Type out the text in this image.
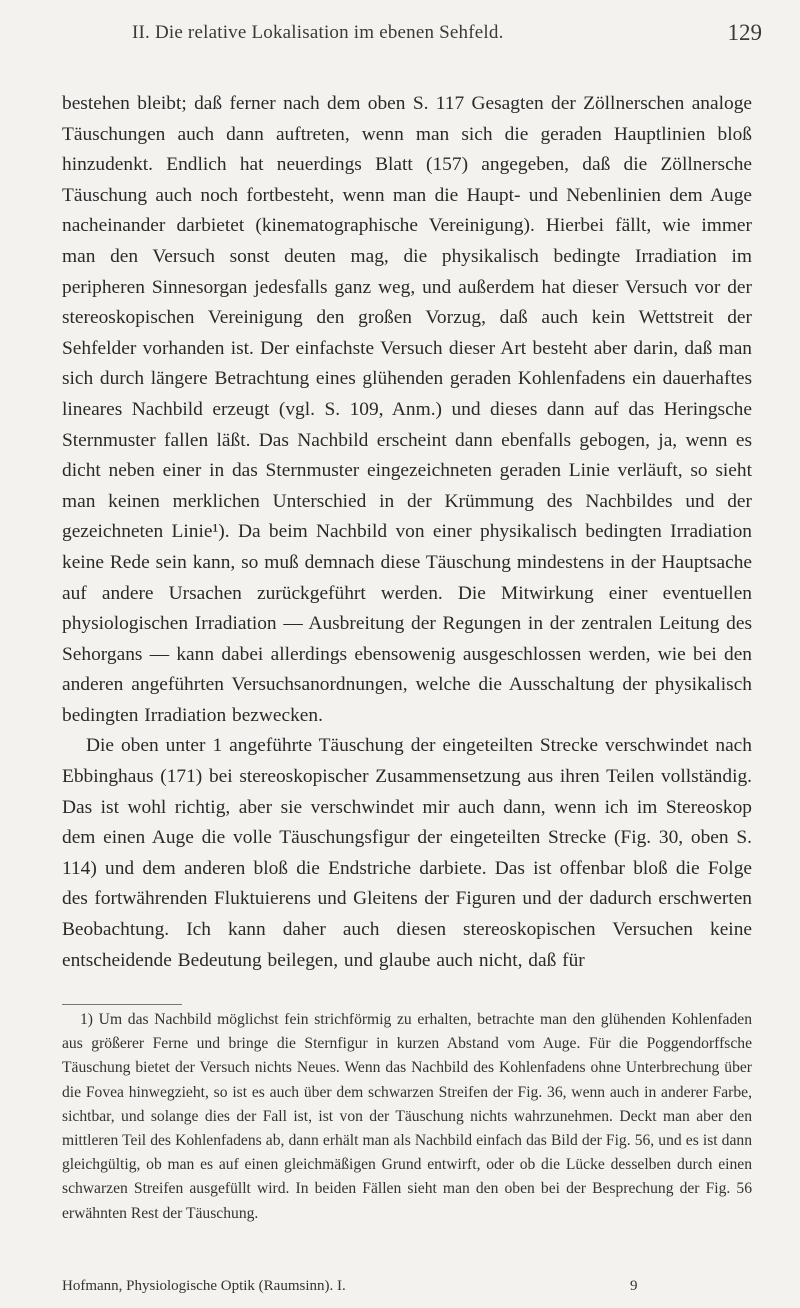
II. Die relative Lokalisation im ebenen Sehfeld.	129

bestehen bleibt; daß ferner nach dem oben S. 117 Gesagten der Zöllnerschen analoge Täuschungen auch dann auftreten, wenn man sich die geraden Hauptlinien bloß hinzudenkt. Endlich hat neuerdings Blatt (157) angegeben, daß die Zöllnersche Täuschung auch noch fortbesteht, wenn man die Haupt- und Nebenlinien dem Auge nacheinander darbietet (kinematographische Vereinigung). Hierbei fällt, wie immer man den Versuch sonst deuten mag, die physikalisch bedingte Irradiation im peripheren Sinnesorgan jedesfalls ganz weg, und außerdem hat dieser Versuch vor der stereoskopischen Vereinigung den großen Vorzug, daß auch kein Wettstreit der Sehfelder vorhanden ist. Der einfachste Versuch dieser Art besteht aber darin, daß man sich durch längere Betrachtung eines glühenden geraden Kohlenfadens ein dauerhaftes lineares Nachbild erzeugt (vgl. S. 109, Anm.) und dieses dann auf das Heringsche Sternmuster fallen läßt. Das Nachbild erscheint dann ebenfalls gebogen, ja, wenn es dicht neben einer in das Sternmuster eingezeichneten geraden Linie verläuft, so sieht man keinen merklichen Unterschied in der Krümmung des Nachbildes und der gezeichneten Linie¹). Da beim Nachbild von einer physikalisch bedingten Irradiation keine Rede sein kann, so muß demnach diese Täuschung mindestens in der Hauptsache auf andere Ursachen zurückgeführt werden. Die Mitwirkung einer eventuellen physiologischen Irradiation — Ausbreitung der Regungen in der zentralen Leitung des Sehorgans — kann dabei allerdings ebensowenig ausgeschlossen werden, wie bei den anderen angeführten Versuchsanordnungen, welche die Ausschaltung der physikalisch bedingten Irradiation bezwecken.

Die oben unter 1 angeführte Täuschung der eingeteilten Strecke verschwindet nach Ebbinghaus (171) bei stereoskopischer Zusammensetzung aus ihren Teilen vollständig. Das ist wohl richtig, aber sie verschwindet mir auch dann, wenn ich im Stereoskop dem einen Auge die volle Täuschungsfigur der eingeteilten Strecke (Fig. 30, oben S. 114) und dem anderen bloß die Endstriche darbiete. Das ist offenbar bloß die Folge des fortwährenden Fluktuierens und Gleitens der Figuren und der dadurch erschwerten Beobachtung. Ich kann daher auch diesen stereoskopischen Versuchen keine entscheidende Bedeutung beilegen, und glaube auch nicht, daß für

1) Um das Nachbild möglichst fein strichförmig zu erhalten, betrachte man den glühenden Kohlenfaden aus größerer Ferne und bringe die Sternfigur in kurzen Abstand vom Auge. Für die Poggendorffsche Täuschung bietet der Versuch nichts Neues. Wenn das Nachbild des Kohlenfadens ohne Unterbrechung über die Fovea hinwegzieht, so ist es auch über dem schwarzen Streifen der Fig. 36, wenn auch in anderer Farbe, sichtbar, und solange dies der Fall ist, ist von der Täuschung nichts wahrzunehmen. Deckt man aber den mittleren Teil des Kohlenfadens ab, dann erhält man als Nachbild einfach das Bild der Fig. 56, und es ist dann gleichgültig, ob man es auf einen gleichmäßigen Grund entwirft, oder ob die Lücke desselben durch einen schwarzen Streifen ausgefüllt wird. In beiden Fällen sieht man den oben bei der Besprechung der Fig. 56 erwähnten Rest der Täuschung.

Hofmann, Physiologische Optik (Raumsinn). I.	9
